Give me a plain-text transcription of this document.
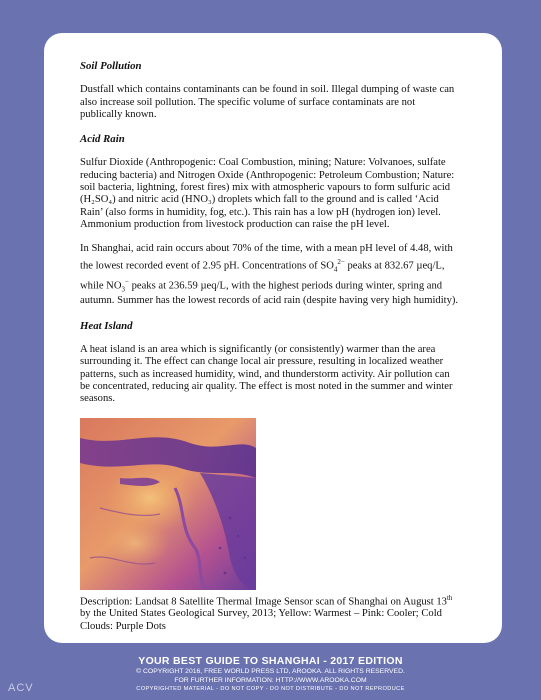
Soil Pollution

Dustfall which contains contaminants can be found in soil. Illegal dumping of waste can also increase soil pollution. The specific volume of surface contaminats are not publically known.

Acid Rain

Sulfur Dioxide (Anthropogenic: Coal Combustion, mining; Nature: Volvanoes, sulfate reducing bacteria) and Nitrogen Oxide (Anthropogenic: Petroleum Combustion; Nature: soil bacteria, lightning, forest fires) mix with atmospheric vapours to form sulfuric acid (H₂SO₄) and nitric acid (HNO₃) droplets which fall to the ground and is called ‘Acid Rain’ (also forms in humidity, fog, etc.). This rain has a low pH (hydrogen ion) level. Ammonium production from livestock production can raise the pH level.

In Shanghai, acid rain occurs about 70% of the time, with a mean pH level of 4.48, with the lowest recorded event of 2.95 pH. Concentrations of $SO_4^{2-}$ peaks at 832.67 µeq/L, while $NO_3^-$ peaks at 236.59 µeq/L, with the highest periods during winter, spring and autumn. Summer has the lowest records of acid rain (despite having very high humidity).

Heat Island

A heat island is an area which is significantly (or consistently) warmer than the area surrounding it. The effect can change local air pressure, resulting in localized weather patterns, such as increased humidity, wind, and thunderstorm activity. Air pollution can be concentrated, reducing air quality. The effect is most noted in the summer and winter seasons.

Description: Landsat 8 Satellite Thermal Image Sensor scan of Shanghai on August 13th by the United States Geological Survey, 2013; Yellow: Warmest – Pink: Cooler; Cold Clouds: Purple Dots

YOUR BEST GUIDE TO SHANGHAI - 2017 EDITION
© COPYRIGHT 2016, FREE WORLD PRESS LTD, AROOKA. ALL RIGHTS RESERVED.
FOR FURTHER INFORMATION: HTTP://WWW.AROOKA.COM
COPYRIGHTED MATERIAL - DO NOT COPY - DO NOT DISTRIBUTE - DO NOT REPRODUCE
ACV
